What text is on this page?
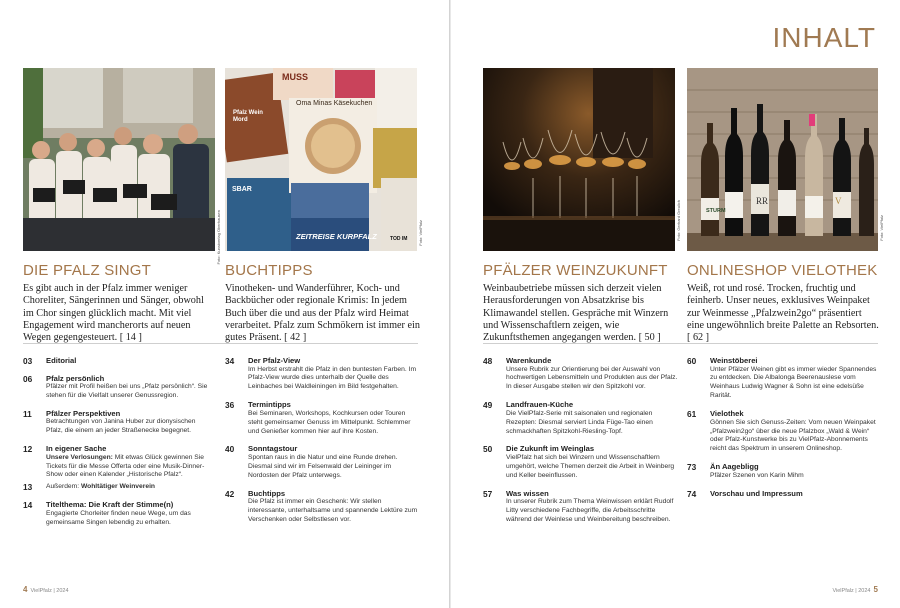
Foto: Kunstverlag Oberhausen
Pfalz Wein Mord
MUSS
Oma Minas Käsekuchen
SBAR
ZEITREISE KURPFALZ	TOD IM	Foto: VielPfalz
DIE PFALZ SINGT
Es gibt auch in der Pfalz immer weniger Choreliter, Sängerinnen und Sänger, obwohl im Chor singen glücklich macht. Mit viel Engagement wird mancherorts auf neuen Wegen gegengesteuert. [ 14 ]
BUCHTIPPS
Vinotheken- und Wanderführer, Koch- und Backbücher oder regionale Krimis: In jedem Buch über die und aus der Pfalz wird Heimat verarbeitet. Pfalz zum Schmökern ist immer ein gutes Präsent. [ 42 ]
03 Editorial
06 Pfalz persönlich
Pfälzer mit Profil heißen bei uns „Pfalz persönlich“. Sie stehen für die Vielfalt unserer Genussregion.
11 Pfälzer Perspektiven
Betrachtungen von Janina Huber zur dionysischen Pfalz, die einem an jeder Straßenecke begegnet.
12 In eigener Sache
Unsere Verlosungen: Mit etwas Glück gewinnen Sie Tickets für die Messe Offerta oder eine Musik-Dinner-Show oder einen Kalender „Historische Pfalz“.
13 Außerdem: Wohltätiger Weinverein
14 Titelthema: Die Kraft der Stimme(n)
Engagierte Chorleiter finden neue Wege, um das gemeinsame Singen lebendig zu erhalten.
34 Der Pfalz-View
Im Herbst erstrahlt die Pfalz in den buntesten Farben. Im Pfalz-View wurde dies unterhalb der Quelle des Leinbaches bei Waldleiningen im Bild festgehalten.
36 Termintipps
Bei Seminaren, Workshops, Kochkursen oder Touren steht gemeinsamer Genuss im Mittelpunkt. Schlemmer und Genießer kommen hier auf ihre Kosten.
40 Sonntagstour
Spontan raus in die Natur und eine Runde drehen. Diesmal sind wir im Felsenwald der Leininger im Nordosten der Pfalz unterwegs.
42 Buchtipps
Die Pfalz ist immer ein Geschenk: Wir stellen interessante, unterhaltsame und spannende Lektüre zum Verschenken oder Selbstlesen vor.
4 VielPfalz | 2024
INHALT
Foto: Gerhard Greulich	STURM
RR	V
Foto: VielPfalz
PFÄLZER WEINZUKUNFT
Weinbaubetriebe müssen sich derzeit vielen Herausforderungen von Absatzkrise bis Klimawandel stellen. Gespräche mit Winzern und Wissenschaftlern zeigen, wie Zukunftsthemen angegangen werden. [ 50 ]
ONLINESHOP VIELOTHEK
Weiß, rot und rosé. Trocken, fruchtig und feinherb. Unser neues, exklusives Weinpaket zur Weinmesse „Pfalzwein2go“ präsentiert eine ungewöhnlich breite Palette an Rebsorten. [ 62 ]
48 Warenkunde
Unsere Rubrik zur Orientierung bei der Auswahl von hochwertigen Lebensmitteln und Produkten aus der Pfalz. In dieser Ausgabe stellen wir den Spitzkohl vor.
49 Landfrauen-Küche
Die VielPfalz-Serie mit saisonalen und regionalen Rezepten: Diesmal serviert Linda Füge-Tao einen schmackhaften Spitzkohl-Riesling-Topf.
50 Die Zukunft im Weinglas
VielPfalz hat sich bei Winzern und Wissenschaftlern umgehört, welche Themen derzeit die Arbeit in Weinberg und Keller beeinflussen.
57 Was wissen
In unserer Rubrik zum Thema Weinwissen erklärt Rudolf Litty verschiedene Fachbegriffe, die Arbeitsschritte während der Weinlese und Weinbereitung beschreiben.
60 Weinstöberei
Unter Pfälzer Weinen gibt es immer wieder Spannendes zu entdecken. Die Albalonga Beerenauslese vom Weinhaus Ludwig Wagner & Sohn ist eine edelsüße Rarität.
61 Vielothek
Gönnen Sie sich Genuss-Zeiten: Vom neuen Weinpaket „Pfalzwein2go“ über die neue Pfalzbox „Wald & Wein“ oder Pfalz-Kunstwerke bis zu VielPfalz-Abonnements reicht das Spektrum in unserem Onlineshop.
73 Än Aagebligg
Pfälzer Szenen von Karin Mihm
74 Vorschau und Impressum
VielPfalz | 2024 5
